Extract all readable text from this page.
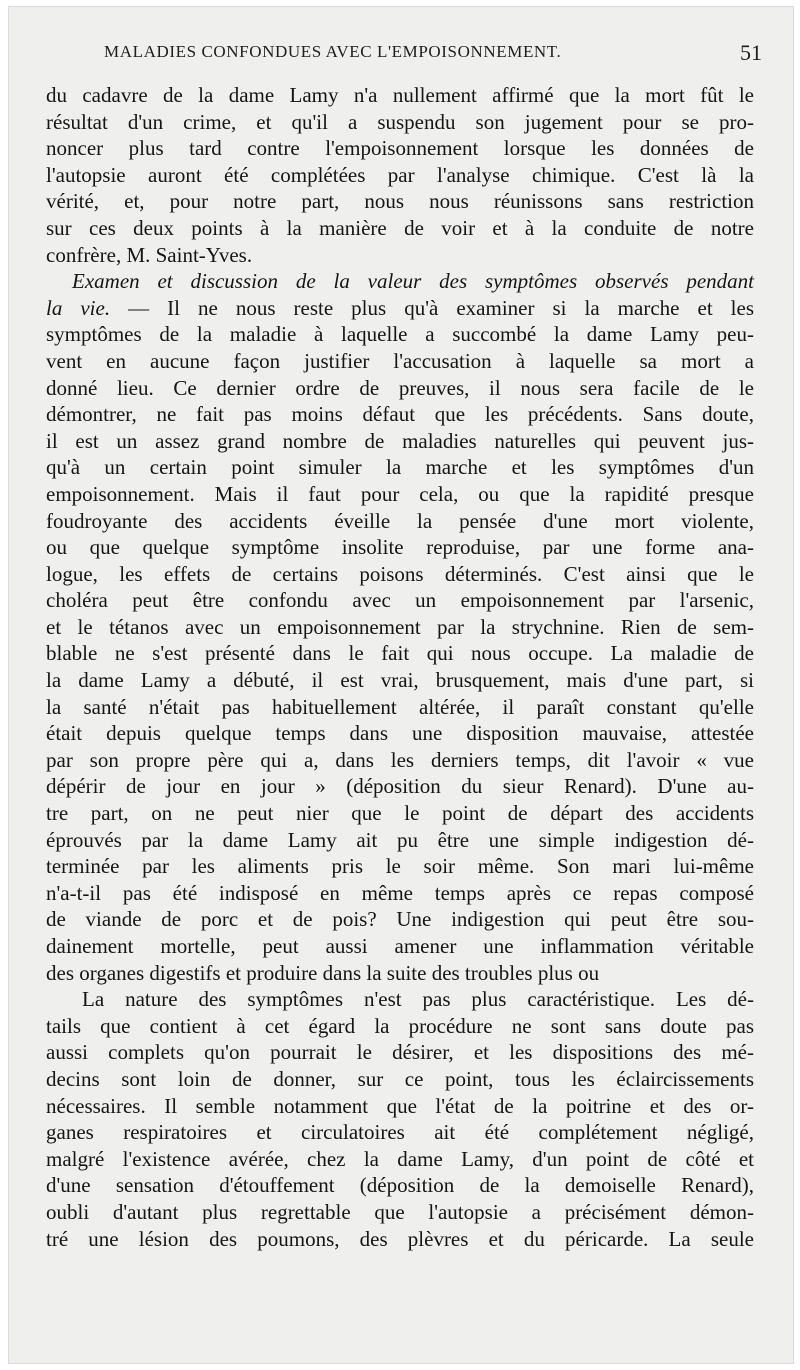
MALADIES CONFONDUES AVEC L'EMPOISONNEMENT.	51
du cadavre de la dame Lamy n'a nullement affirmé que la mort fût le
résultat d'un crime, et qu'il a suspendu son jugement pour se pro-
noncer plus tard contre l'empoisonnement lorsque les données de
l'autopsie auront été complétées par l'analyse chimique. C'est là la
vérité, et, pour notre part, nous nous réunissons sans restriction
sur ces deux points à la manière de voir et à la conduite de notre
confrère, M. Saint-Yves.
Examen et discussion de la valeur des symptômes observés pendant
la vie. — Il ne nous reste plus qu'à examiner si la marche et les
symptômes de la maladie à laquelle a succombé la dame Lamy peu-
vent en aucune façon justifier l'accusation à laquelle sa mort a
donné lieu. Ce dernier ordre de preuves, il nous sera facile de le
démontrer, ne fait pas moins défaut que les précédents. Sans doute,
il est un assez grand nombre de maladies naturelles qui peuvent jus-
qu'à un certain point simuler la marche et les symptômes d'un
empoisonnement. Mais il faut pour cela, ou que la rapidité presque
foudroyante des accidents éveille la pensée d'une mort violente,
ou que quelque symptôme insolite reproduise, par une forme ana-
logue, les effets de certains poisons déterminés. C'est ainsi que le
choléra peut être confondu avec un empoisonnement par l'arsenic,
et le tétanos avec un empoisonnement par la strychnine. Rien de sem-
blable ne s'est présenté dans le fait qui nous occupe. La maladie de
la dame Lamy a débuté, il est vrai, brusquement, mais d'une part, si
la santé n'était pas habituellement altérée, il paraît constant qu'elle
était depuis quelque temps dans une disposition mauvaise, attestée
par son propre père qui a, dans les derniers temps, dit l'avoir « vue
dépérir de jour en jour » (déposition du sieur Renard). D'une au-
tre part, on ne peut nier que le point de départ des accidents
éprouvés par la dame Lamy ait pu être une simple indigestion dé-
terminée par les aliments pris le soir même. Son mari lui-même
n'a-t-il pas été indisposé en même temps après ce repas composé
de viande de porc et de pois? Une indigestion qui peut être sou-
dainement mortelle, peut aussi amener une inflammation véritable
des organes digestifs et produire dans la suite des troubles plus ou
La nature des symptômes n'est pas plus caractéristique. Les dé-
tails que contient à cet égard la procédure ne sont sans doute pas
aussi complets qu'on pourrait le désirer, et les dispositions des mé-
decins sont loin de donner, sur ce point, tous les éclaircissements
nécessaires. Il semble notamment que l'état de la poitrine et des or-
ganes respiratoires et circulatoires ait été complétement négligé,
malgré l'existence avérée, chez la dame Lamy, d'un point de côté et
d'une sensation d'étouffement (déposition de la demoiselle Renard),
oubli d'autant plus regrettable que l'autopsie a précisément démon-
tré une lésion des poumons, des plèvres et du péricarde. La seule
